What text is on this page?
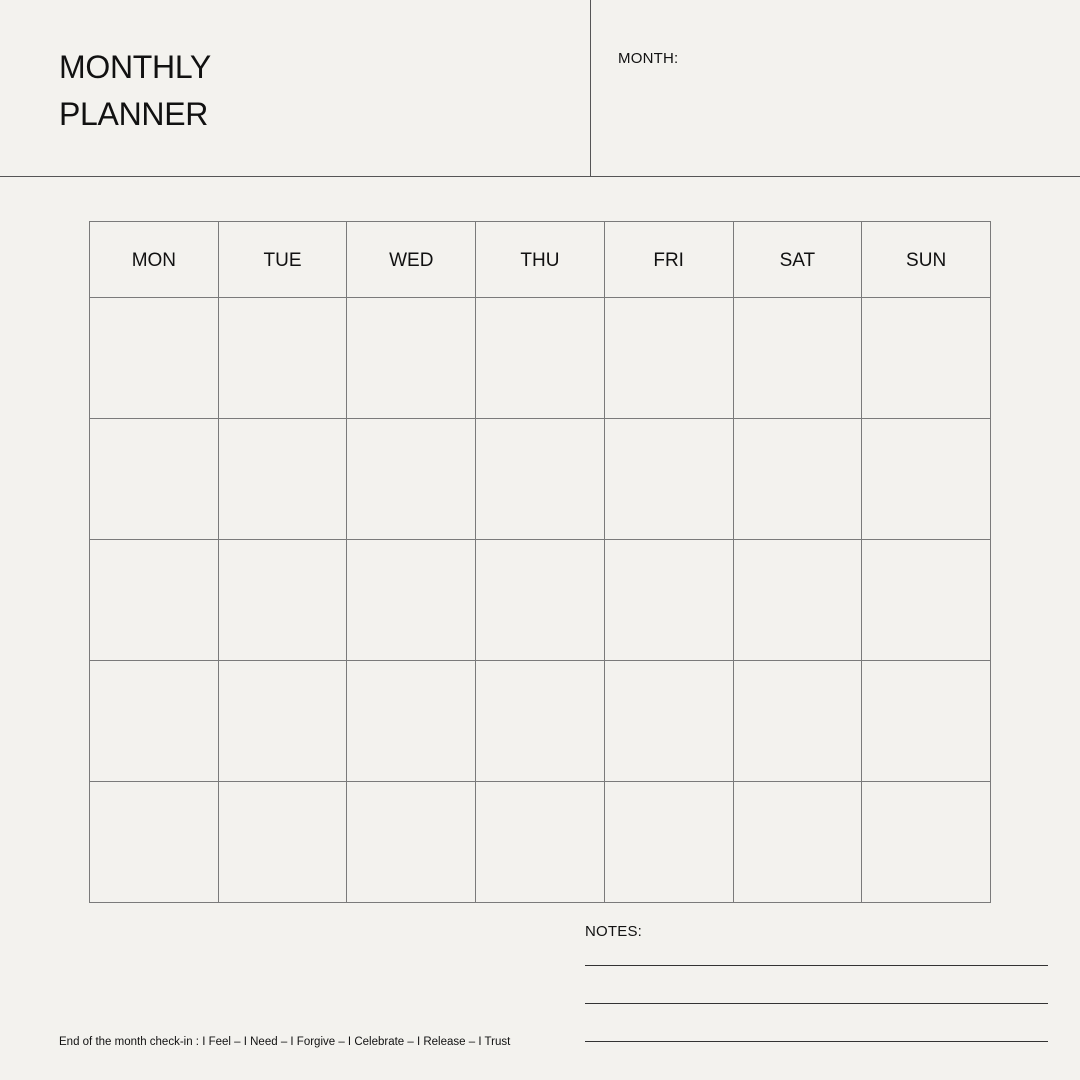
MONTHLY
PLANNER
MONTH:
MON	TUE	WED	THU	FRI	SAT	SUN

NOTES:
End of the month check-in : I Feel – I Need – I Forgive – I Celebrate – I Release – I Trust
